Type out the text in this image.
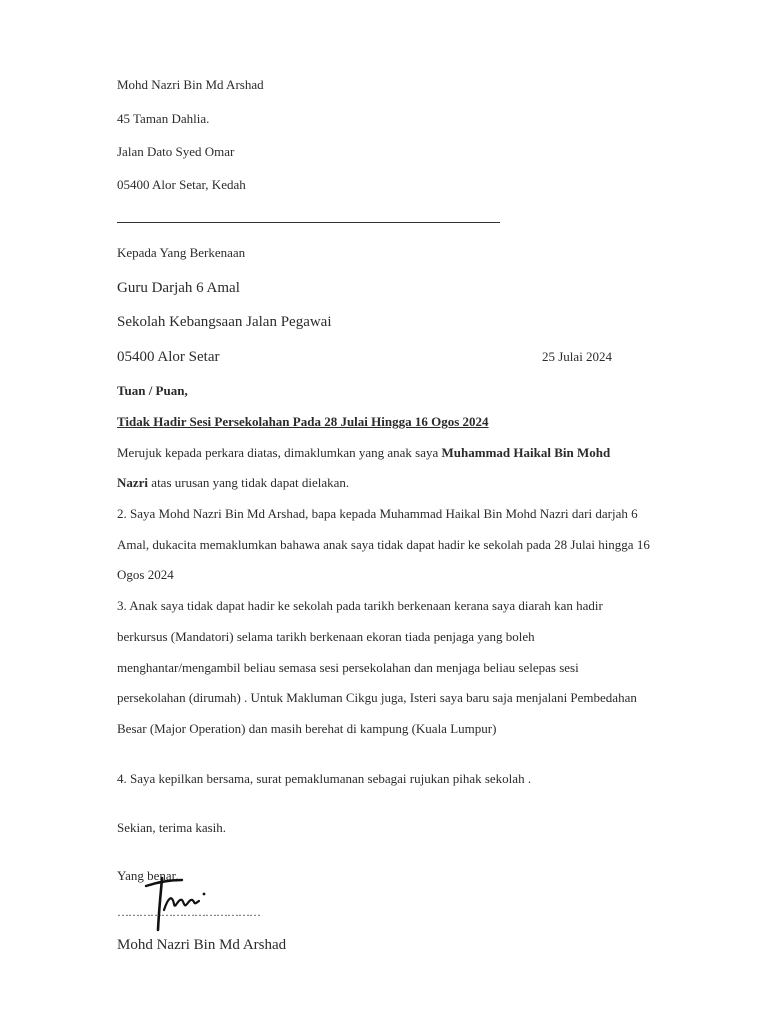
Mohd Nazri Bin Md Arshad
45 Taman Dahlia.
Jalan Dato Syed Omar
05400 Alor Setar, Kedah
Kepada Yang Berkenaan
Guru Darjah 6 Amal
Sekolah Kebangsaan Jalan Pegawai
05400 Alor Setar	25 Julai 2024
Tuan / Puan,
Tidak Hadir Sesi Persekolahan Pada 28 Julai Hingga 16 Ogos 2024
Merujuk kepada perkara diatas, dimaklumkan yang anak saya Muhammad Haikal Bin Mohd
Nazri atas urusan yang tidak dapat dielakan.
2. Saya Mohd Nazri Bin Md Arshad, bapa kepada Muhammad Haikal Bin Mohd Nazri dari darjah 6
Amal, dukacita memaklumkan bahawa anak saya tidak dapat hadir ke sekolah pada 28 Julai hingga 16
Ogos 2024
3. Anak saya tidak dapat hadir ke sekolah pada tarikh berkenaan kerana saya diarah kan hadir
berkursus (Mandatori) selama tarikh berkenaan ekoran tiada penjaga yang boleh
menghantar/mengambil beliau semasa sesi persekolahan dan menjaga beliau selepas sesi
persekolahan (dirumah) . Untuk Makluman Cikgu juga, Isteri saya baru saja menjalani Pembedahan
Besar (Major Operation) dan masih berehat di kampung (Kuala Lumpur)
4. Saya kepilkan bersama, surat pemaklumanan sebagai rujukan pihak sekolah .
Sekian, terima kasih.
Yang benar,
…………………………………
Mohd Nazri Bin Md Arshad
